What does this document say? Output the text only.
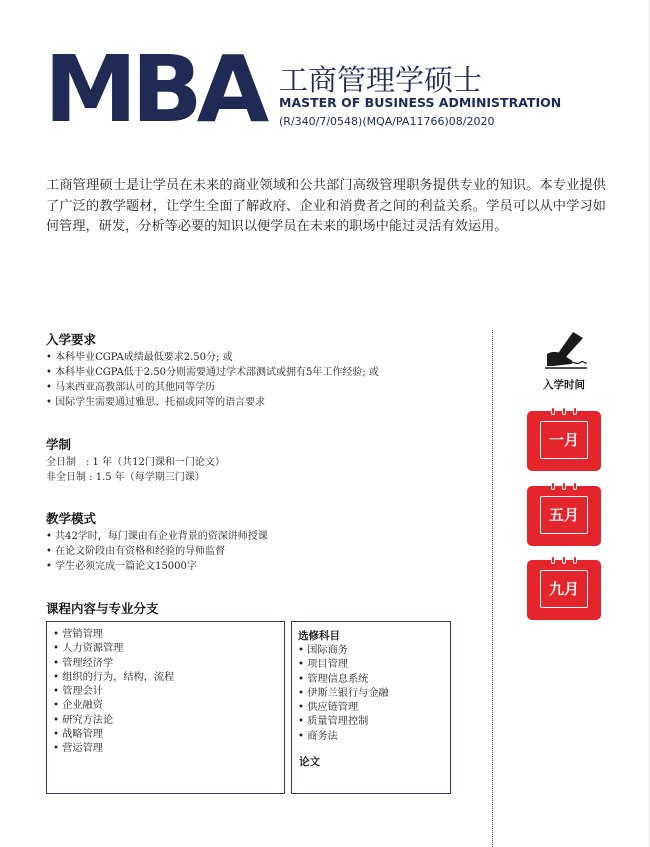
MBA 工商管理学硕士
MASTER OF BUSINESS ADMINISTRATION
(R/340/7/0548)(MQA/PA11766)08/2020

工商管理硕士是让学员在未来的商业领域和公共部门高级管理职务提供专业的知识。本专业提供了广泛的教学题材，让学生全面了解政府、企业和消费者之间的利益关系。学员可以从中学习如何管理，研发，分析等必要的知识以便学员在未来的职场中能过灵活有效运用。

入学要求
• 本科毕业CGPA成绩最低要求2.50分; 或
• 本科毕业CGPA低于2.50分则需要通过学术部测试或拥有5年工作经验; 或
• 马来西亚高教部认可的其他同等学历
• 国际学生需要通过雅思、托福或同等的语言要求
学制
全日制　: 1 年（共12门课和一门论文）
非全日制 : 1.5 年（每学期三门课）
教学模式
• 共42学时，每门课由有企业背景的资深讲师授课
• 在论文阶段由有资格和经验的导师监督
• 学生必须完成一篇论文15000字
课程内容与专业分支
• 营销管理
• 人力资源管理
• 管理经济学
• 组织的行为，结构，流程
• 管理会计
• 企业融资
• 研究方法论
• 战略管理
• 营运管理
选修科目
• 国际商务
• 项目管理
• 管理信息系统
• 伊斯兰银行与金融
• 供应链管理
• 质量管理控制
• 商务法
论文
入学时间
一月
五月
九月
